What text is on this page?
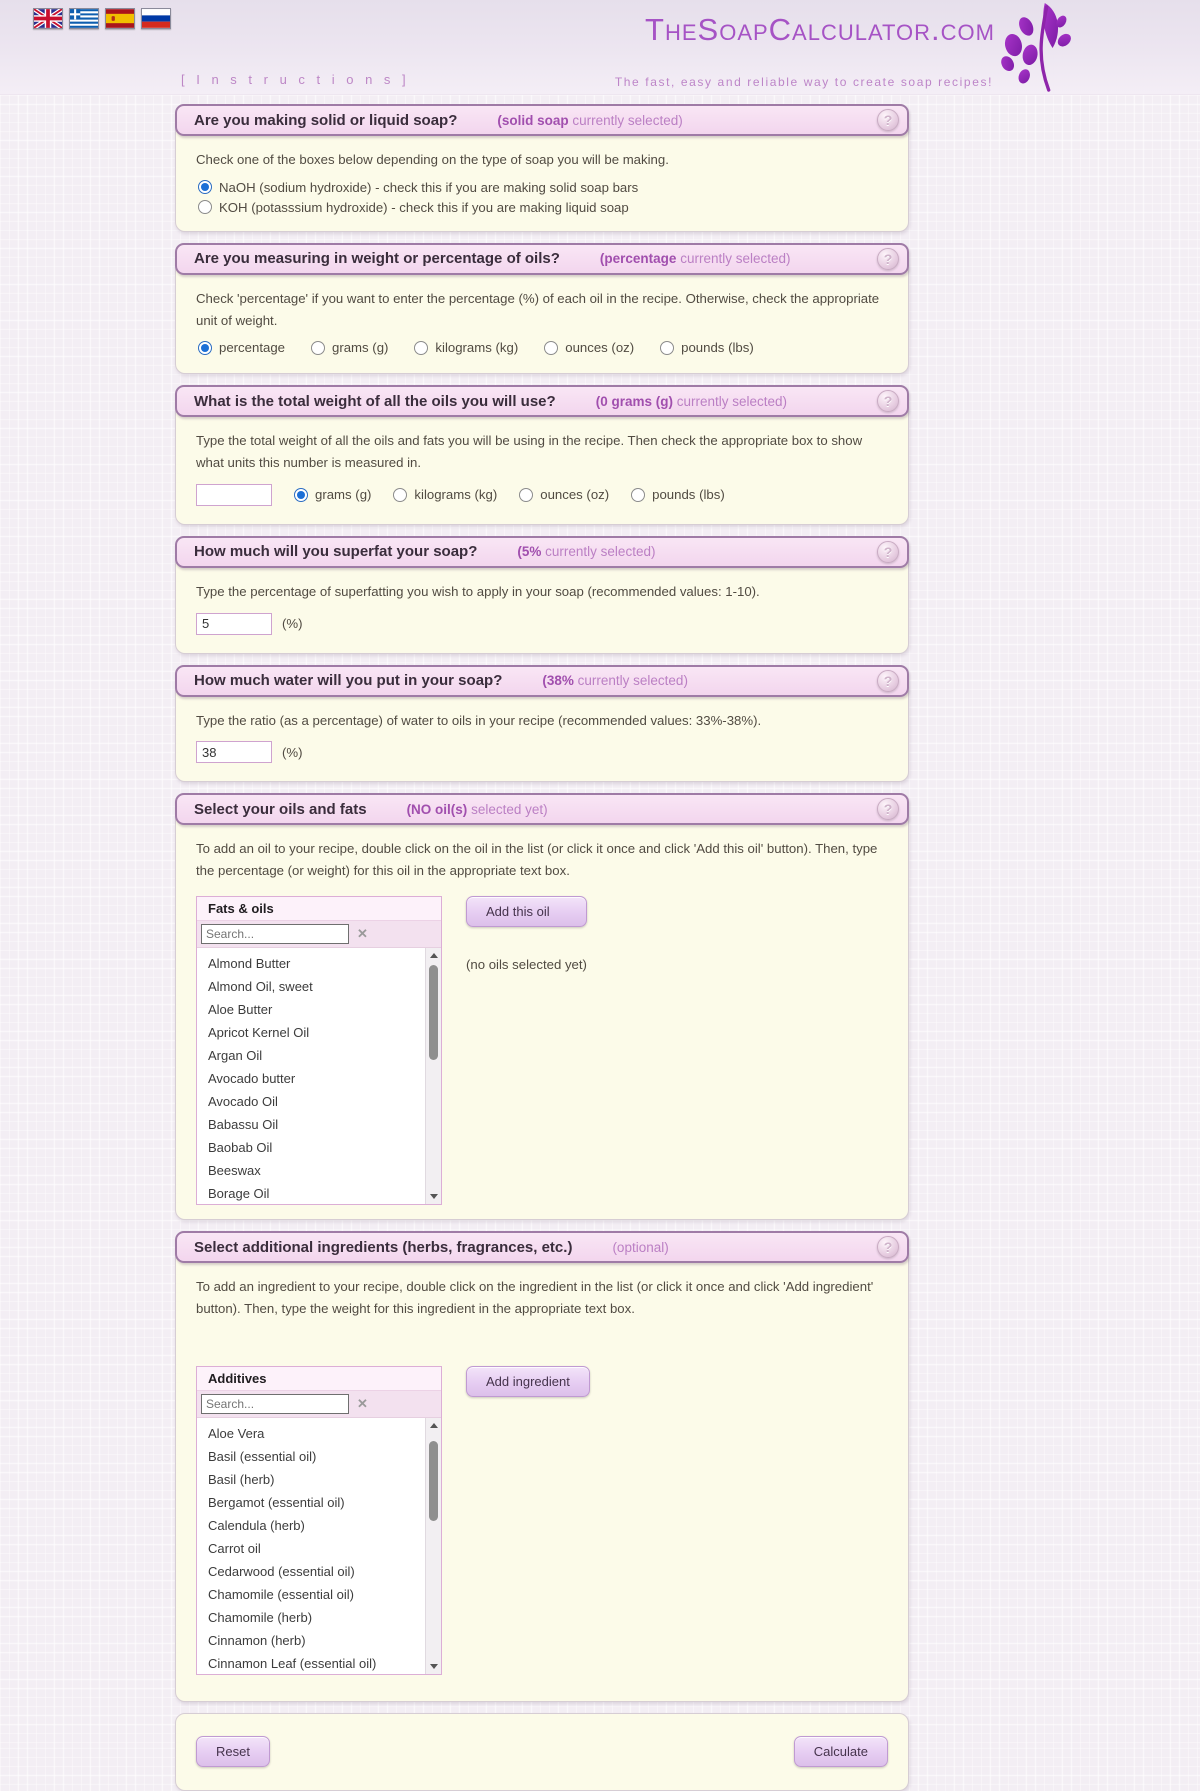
TheSoapCalculator.com
[ I n s t r u c t i o n s ]	The fast, easy and reliable way to create soap recipes!
Are you making solid or liquid soap?	(solid soap currently selected)
?

Check one of the boxes below depending on the type of soap you will be making.

NaOH (sodium hydroxide) - check this if you are making solid soap bars
KOH (potasssium hydroxide) - check this if you are making liquid soap
Are you measuring in weight or percentage of oils?	(percentage currently selected)
?

Check 'percentage' if you want to enter the percentage (%) of each oil in the recipe. Otherwise, check the appropriate unit of weight.

percentage	grams (g)	kilograms (kg)	ounces (oz)	pounds (lbs)
What is the total weight of all the oils you will use?	(0 grams (g) currently selected)
?

Type the total weight of all the oils and fats you will be using in the recipe. Then check the appropriate box to show what units this number is measured in.

grams (g)	kilograms (kg)	ounces (oz)	pounds (lbs)
How much will you superfat your soap?	(5% currently selected)
?

Type the percentage of superfatting you wish to apply in your soap (recommended values: 1-10).

5
(%)
How much water will you put in your soap?	(38% currently selected)
?

Type the ratio (as a percentage) of water to oils in your recipe (recommended values: 33%-38%).

38
(%)
Select your oils and fats	(NO oil(s) selected yet)
?

To add an oil to your recipe, double click on the oil in the list (or click it once and click 'Add this oil' button). Then, type the percentage (or weight) for this oil in the appropriate text box.

Fats & oils
Search...
✕
Almond Butter
Almond Oil, sweet
Aloe Butter
Apricot Kernel Oil
Argan Oil
Avocado butter
Avocado Oil
Babassu Oil
Baobab Oil
Beeswax
Borage Oil
Add this oil
(no oils selected yet)
Select additional ingredients (herbs, fragrances, etc.)	(optional)
?

To add an ingredient to your recipe, double click on the ingredient in the list (or click it once and click 'Add ingredient' button). Then, type the weight for this ingredient in the appropriate text box.

Additives
Search...
✕
Aloe Vera
Basil (essential oil)
Basil (herb)
Bergamot (essential oil)
Calendula (herb)
Carrot oil
Cedarwood (essential oil)
Chamomile (essential oil)
Chamomile (herb)
Cinnamon (herb)
Cinnamon Leaf (essential oil)
Add ingredient
Reset	Calculate
